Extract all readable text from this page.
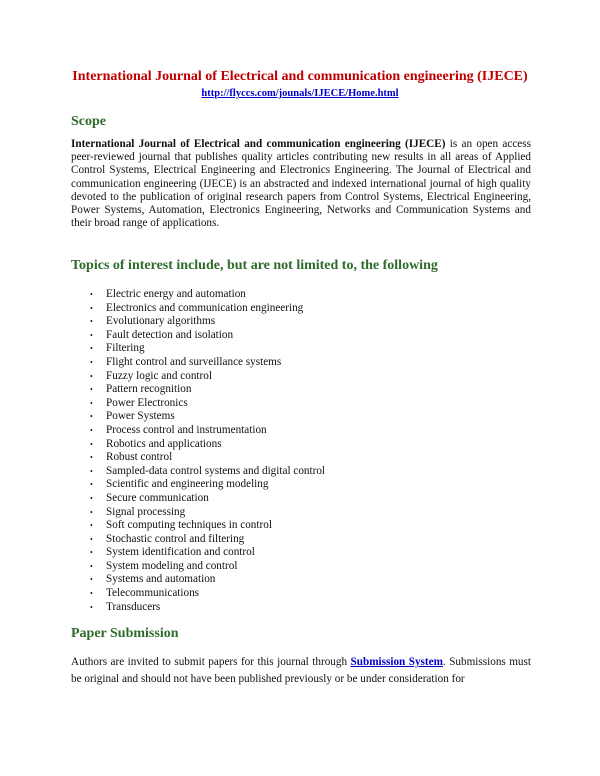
International Journal of Electrical and communication engineering (IJECE)
http://flyccs.com/jounals/IJECE/Home.html
Scope

International Journal of Electrical and communication engineering (IJECE) is an open access peer-reviewed journal that publishes quality articles contributing new results in all areas of Applied Control Systems, Electrical Engineering and Electronics Engineering. The Journal of Electrical and communication engineering (IJECE) is an abstracted and indexed international journal of high quality devoted to the publication of original research papers from Control Systems, Electrical Engineering, Power Systems, Automation, Electronics Engineering, Networks and Communication Systems and their broad range of applications.

Topics of interest include, but are not limited to, the following
• Electric energy and automation
• Electronics and communication engineering
• Evolutionary algorithms
• Fault detection and isolation
• Filtering
• Flight control and surveillance systems
• Fuzzy logic and control
• Pattern recognition
• Power Electronics
• Power Systems
• Process control and instrumentation
• Robotics and applications
• Robust control
• Sampled-data control systems and digital control
• Scientific and engineering modeling
• Secure communication
• Signal processing
• Soft computing techniques in control
• Stochastic control and filtering
• System identification and control
• System modeling and control
• Systems and automation
• Telecommunications
• Transducers
Paper Submission

Authors are invited to submit papers for this journal through Submission System. Submissions must be original and should not have been published previously or be under consideration for
